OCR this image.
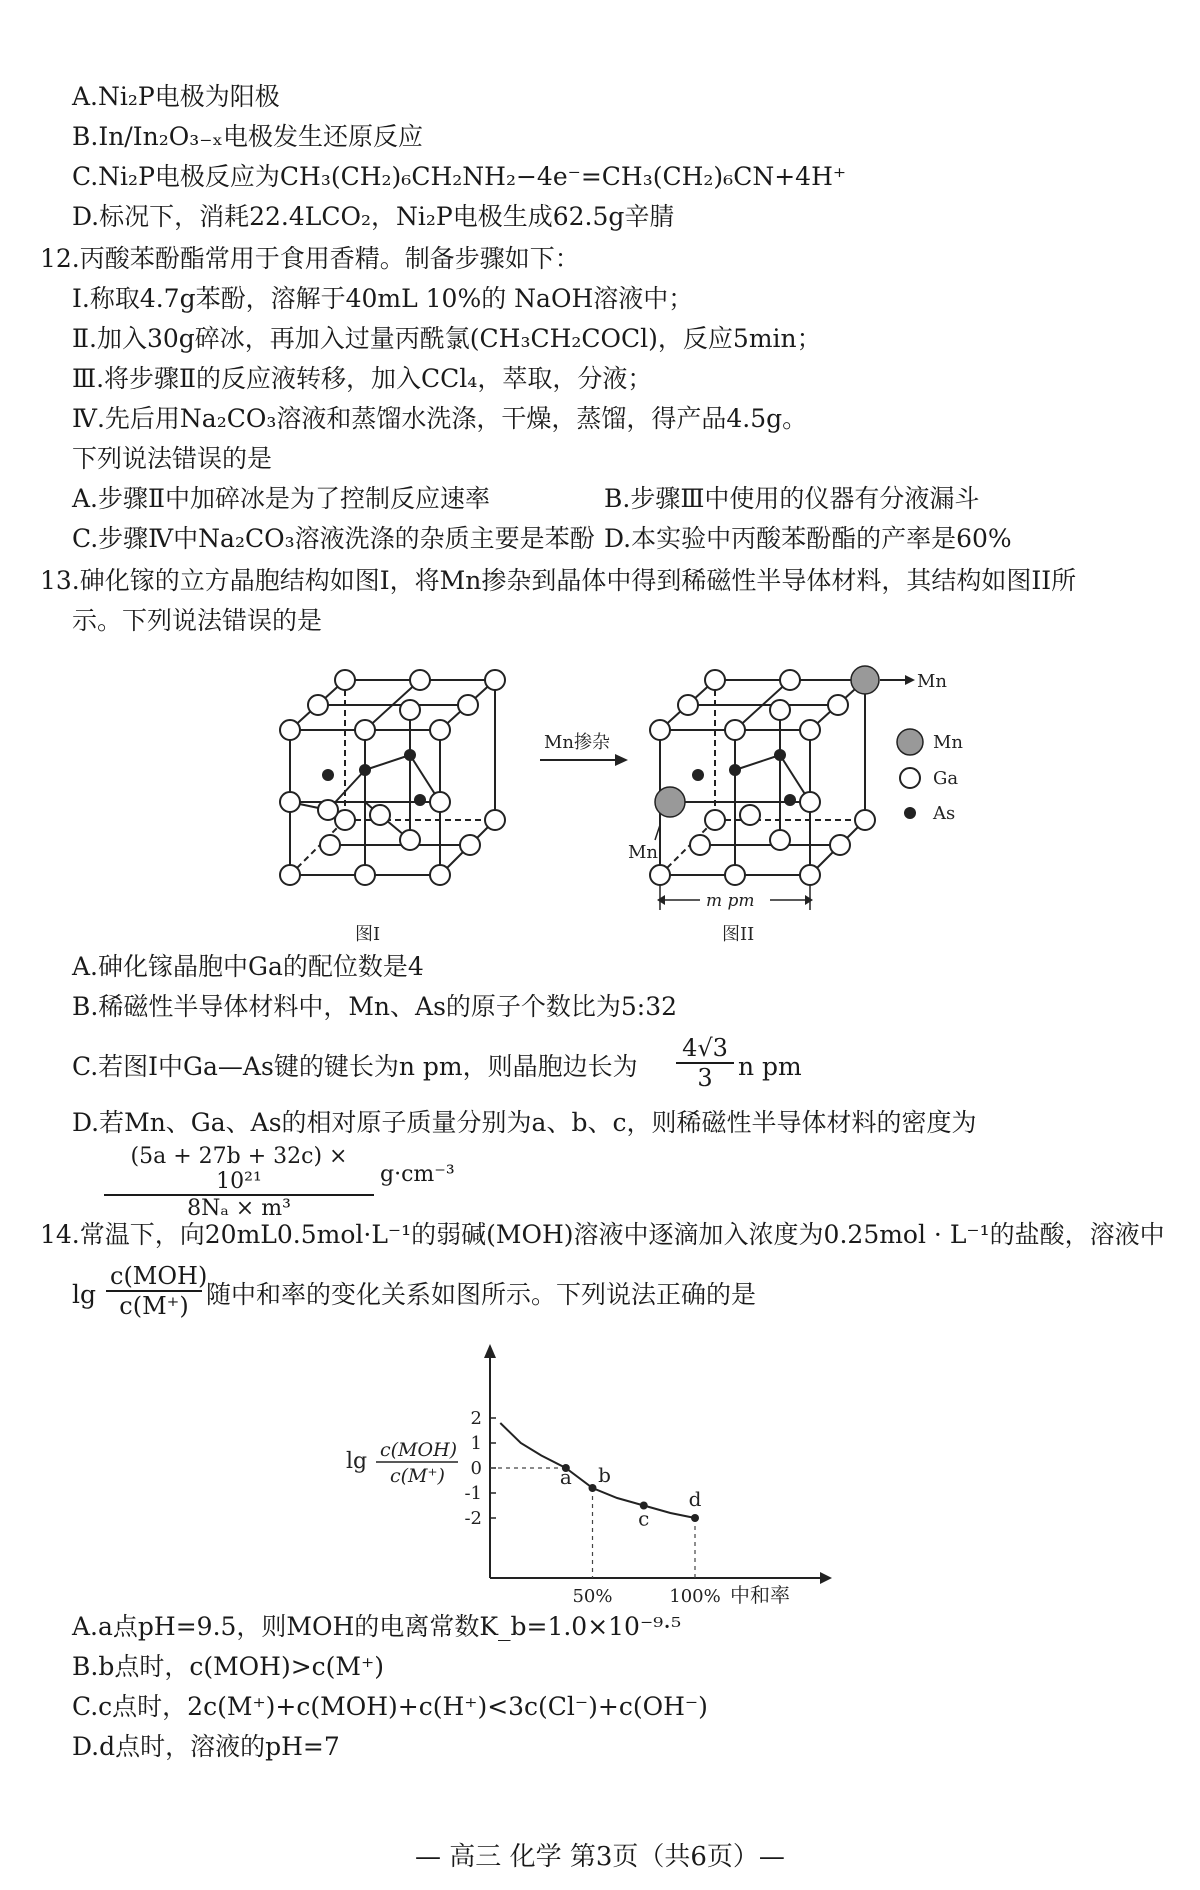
A.Ni₂P电极为阳极
B.In/In₂O₃₋ₓ电极发生还原反应
C.Ni₂P电极反应为CH₃(CH₂)₆CH₂NH₂−4e⁻=CH₃(CH₂)₆CN+4H⁺
D.标况下，消耗22.4LCO₂，Ni₂P电极生成62.5g辛腈
12.丙酸苯酚酯常用于食用香精。制备步骤如下：
Ⅰ.称取4.7g苯酚，溶解于40mL 10%的 NaOH溶液中；
Ⅱ.加入30g碎冰，再加入过量丙酰氯(CH₃CH₂COCl)，反应5min；
Ⅲ.将步骤Ⅱ的反应液转移，加入CCl₄，萃取，分液；
Ⅳ.先后用Na₂CO₃溶液和蒸馏水洗涤，干燥，蒸馏，得产品4.5g。
下列说法错误的是
A.步骤Ⅱ中加碎冰是为了控制反应速率	B.步骤Ⅲ中使用的仪器有分液漏斗
C.步骤Ⅳ中Na₂CO₃溶液洗涤的杂质主要是苯酚 D.本实验中丙酸苯酚酯的产率是60%
13.砷化镓的立方晶胞结构如图I，将Mn掺杂到晶体中得到稀磁性半导体材料，其结构如图II所
示。下列说法错误的是
Mn掺杂
Mn
Mn
m pm
Mn
Ga
As
图I	图II
A.砷化镓晶胞中Ga的配位数是4
B.稀磁性半导体材料中，Mn、As的原子个数比为5:32
C.若图Ⅰ中Ga—As键的键长为n pm，则晶胞边长为 $\frac{4√3}{3}$ n pm
D.若Mn、Ga、As的相对原子质量分别为a、b、c，则稀磁性半导体材料的密度为
$\frac{\text{(5a + 27b + 32c) × 10²¹}}{\text{8Nₐ × m³}} g\cdot cm^{-3}$
14.常温下，向20mL0.5mol·L⁻¹的弱碱(MOH)溶液中逐滴加入浓度为0.25mol · L⁻¹的盐酸，溶液中
lg
c(MOH)
c(M⁺) 随中和率的变化关系如图所示。下列说法正确的是
lg c(MOH)
c(M⁺)
2
1
0
-1
-2
50%	100% 中和率
a b
c
d
A.a点pH=9.5，则MOH的电离常数K_b=1.0×10⁻⁹·⁵
B.b点时，c(MOH)>c(M⁺)
C.c点时，2c(M⁺)+c(MOH)+c(H⁺)<3c(Cl⁻)+c(OH⁻)
D.d点时，溶液的pH=7
— 高三 化学 第3页（共6页）—
